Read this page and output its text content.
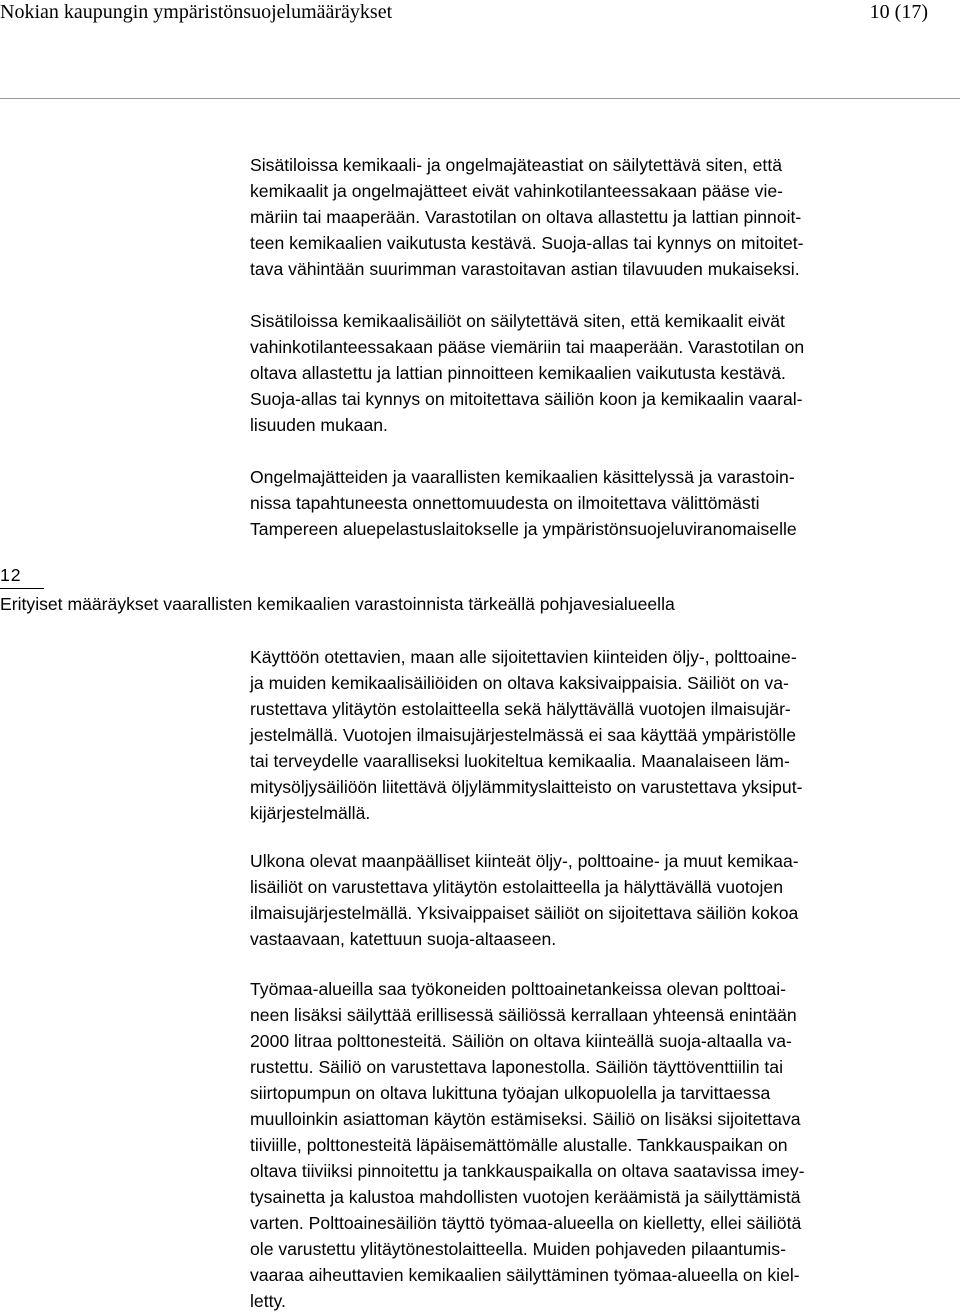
Nokian kaupungin ympäristönsuojelumääräykset	10 (17)

Sisätiloissa kemikaali- ja ongelmajäteastiat on säilytettävä siten, että
kemikaalit ja ongelmajätteet eivät vahinkotilanteessakaan pääse vie-
märiin tai maaperään. Varastotilan on oltava allastettu ja lattian pinnoit-
teen kemikaalien vaikutusta kestävä. Suoja-allas tai kynnys on mitoitet-
tava vähintään suurimman varastoitavan astian tilavuuden mukaiseksi.

Sisätiloissa kemikaalisäiliöt on säilytettävä siten, että kemikaalit eivät
vahinkotilanteessakaan pääse viemäriin tai maaperään. Varastotilan on
oltava allastettu ja lattian pinnoitteen kemikaalien vaikutusta kestävä.
Suoja-allas tai kynnys on mitoitettava säiliön koon ja kemikaalin vaaral-
lisuuden mukaan.

Ongelmajätteiden ja vaarallisten kemikaalien käsittelyssä ja varastoin-
nissa tapahtuneesta onnettomuudesta on ilmoitettava välittömästi
Tampereen aluepelastuslaitokselle ja ympäristönsuojeluviranomaiselle

12
Erityiset määräykset vaarallisten kemikaalien varastoinnista tärkeällä pohjavesialueella

Käyttöön otettavien, maan alle sijoitettavien kiinteiden öljy-, polttoaine-
ja muiden kemikaalisäiliöiden on oltava kaksivaippaisia. Säiliöt on va-
rustettava ylitäytön estolaitteella sekä hälyttävällä vuotojen ilmaisujär-
jestelmällä. Vuotojen ilmaisujärjestelmässä ei saa käyttää ympäristölle
tai terveydelle vaaralliseksi luokiteltua kemikaalia. Maanalaiseen läm-
mitysöljysäiliöön liitettävä öljylämmityslaitteisto on varustettava yksiput-
kijärjestelmällä.

Ulkona olevat maanpäälliset kiinteät öljy-, polttoaine- ja muut kemikaa-
lisäiliöt on varustettava ylitäytön estolaitteella ja hälyttävällä vuotojen
ilmaisujärjestelmällä. Yksivaippaiset säiliöt on sijoitettava säiliön kokoa
vastaavaan, katettuun suoja-altaaseen.

Työmaa-alueilla saa työkoneiden polttoainetankeissa olevan polttoai-
neen lisäksi säilyttää erillisessä säiliössä kerrallaan yhteensä enintään
2000 litraa polttonesteitä. Säiliön on oltava kiinteällä suoja-altaalla va-
rustettu. Säiliö on varustettava laponestolla. Säiliön täyttöventtiilin tai
siirtopumpun on oltava lukittuna työajan ulkopuolella ja tarvittaessa
muulloinkin asiattoman käytön estämiseksi. Säiliö on lisäksi sijoitettava
tiiviille, polttonesteitä läpäisemättömälle alustalle. Tankkauspaikan on
oltava tiiviiksi pinnoitettu ja tankkauspaikalla on oltava saatavissa imey-
tysainetta ja kalustoa mahdollisten vuotojen keräämistä ja säilyttämistä
varten. Polttoainesäiliön täyttö työmaa-alueella on kielletty, ellei säiliötä
ole varustettu ylitäytönestolaitteella. Muiden pohjaveden pilaantumis-
vaaraa aiheuttavien kemikaalien säilyttäminen työmaa-alueella on kiel-
letty.
